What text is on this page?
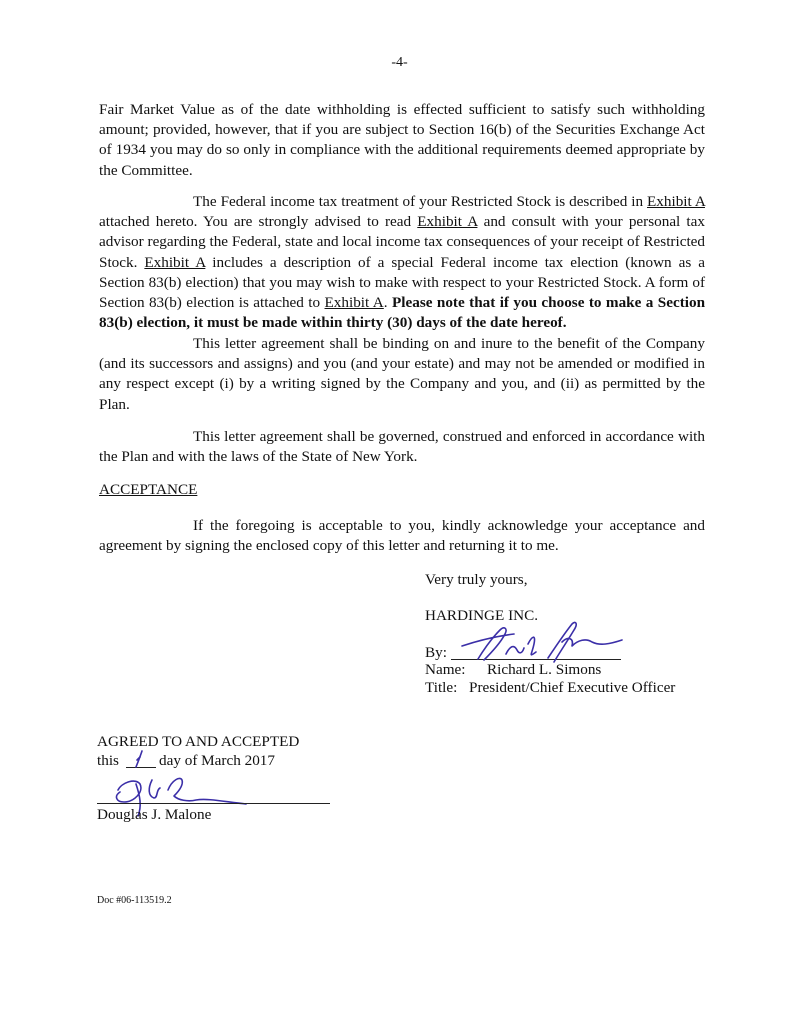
-4-

Fair Market Value as of the date withholding is effected sufficient to satisfy such withholding amount; provided, however, that if you are subject to Section 16(b) of the Securities Exchange Act of 1934 you may do so only in compliance with the additional requirements deemed appropriate by the Committee.

The Federal income tax treatment of your Restricted Stock is described in Exhibit A attached hereto. You are strongly advised to read Exhibit A and consult with your personal tax advisor regarding the Federal, state and local income tax consequences of your receipt of Restricted Stock. Exhibit A includes a description of a special Federal income tax election (known as a Section 83(b) election) that you may wish to make with respect to your Restricted Stock. A form of Section 83(b) election is attached to Exhibit A. Please note that if you choose to make a Section 83(b) election, it must be made within thirty (30) days of the date hereof.

This letter agreement shall be binding on and inure to the benefit of the Company (and its successors and assigns) and you (and your estate) and may not be amended or modified in any respect except (i) by a writing signed by the Company and you, and (ii) as permitted by the Plan.

This letter agreement shall be governed, construed and enforced in accordance with the Plan and with the laws of the State of New York.

ACCEPTANCE

If the foregoing is acceptable to you, kindly acknowledge your acceptance and agreement by signing the enclosed copy of this letter and returning it to me.

Very truly yours,
HARDINGE INC.
By:
Name: Richard L. Simons
Title: President/Chief Executive Officer
AGREED TO AND ACCEPTED
this	day of March 2017
Douglas J. Malone
Doc #06-113519.2
